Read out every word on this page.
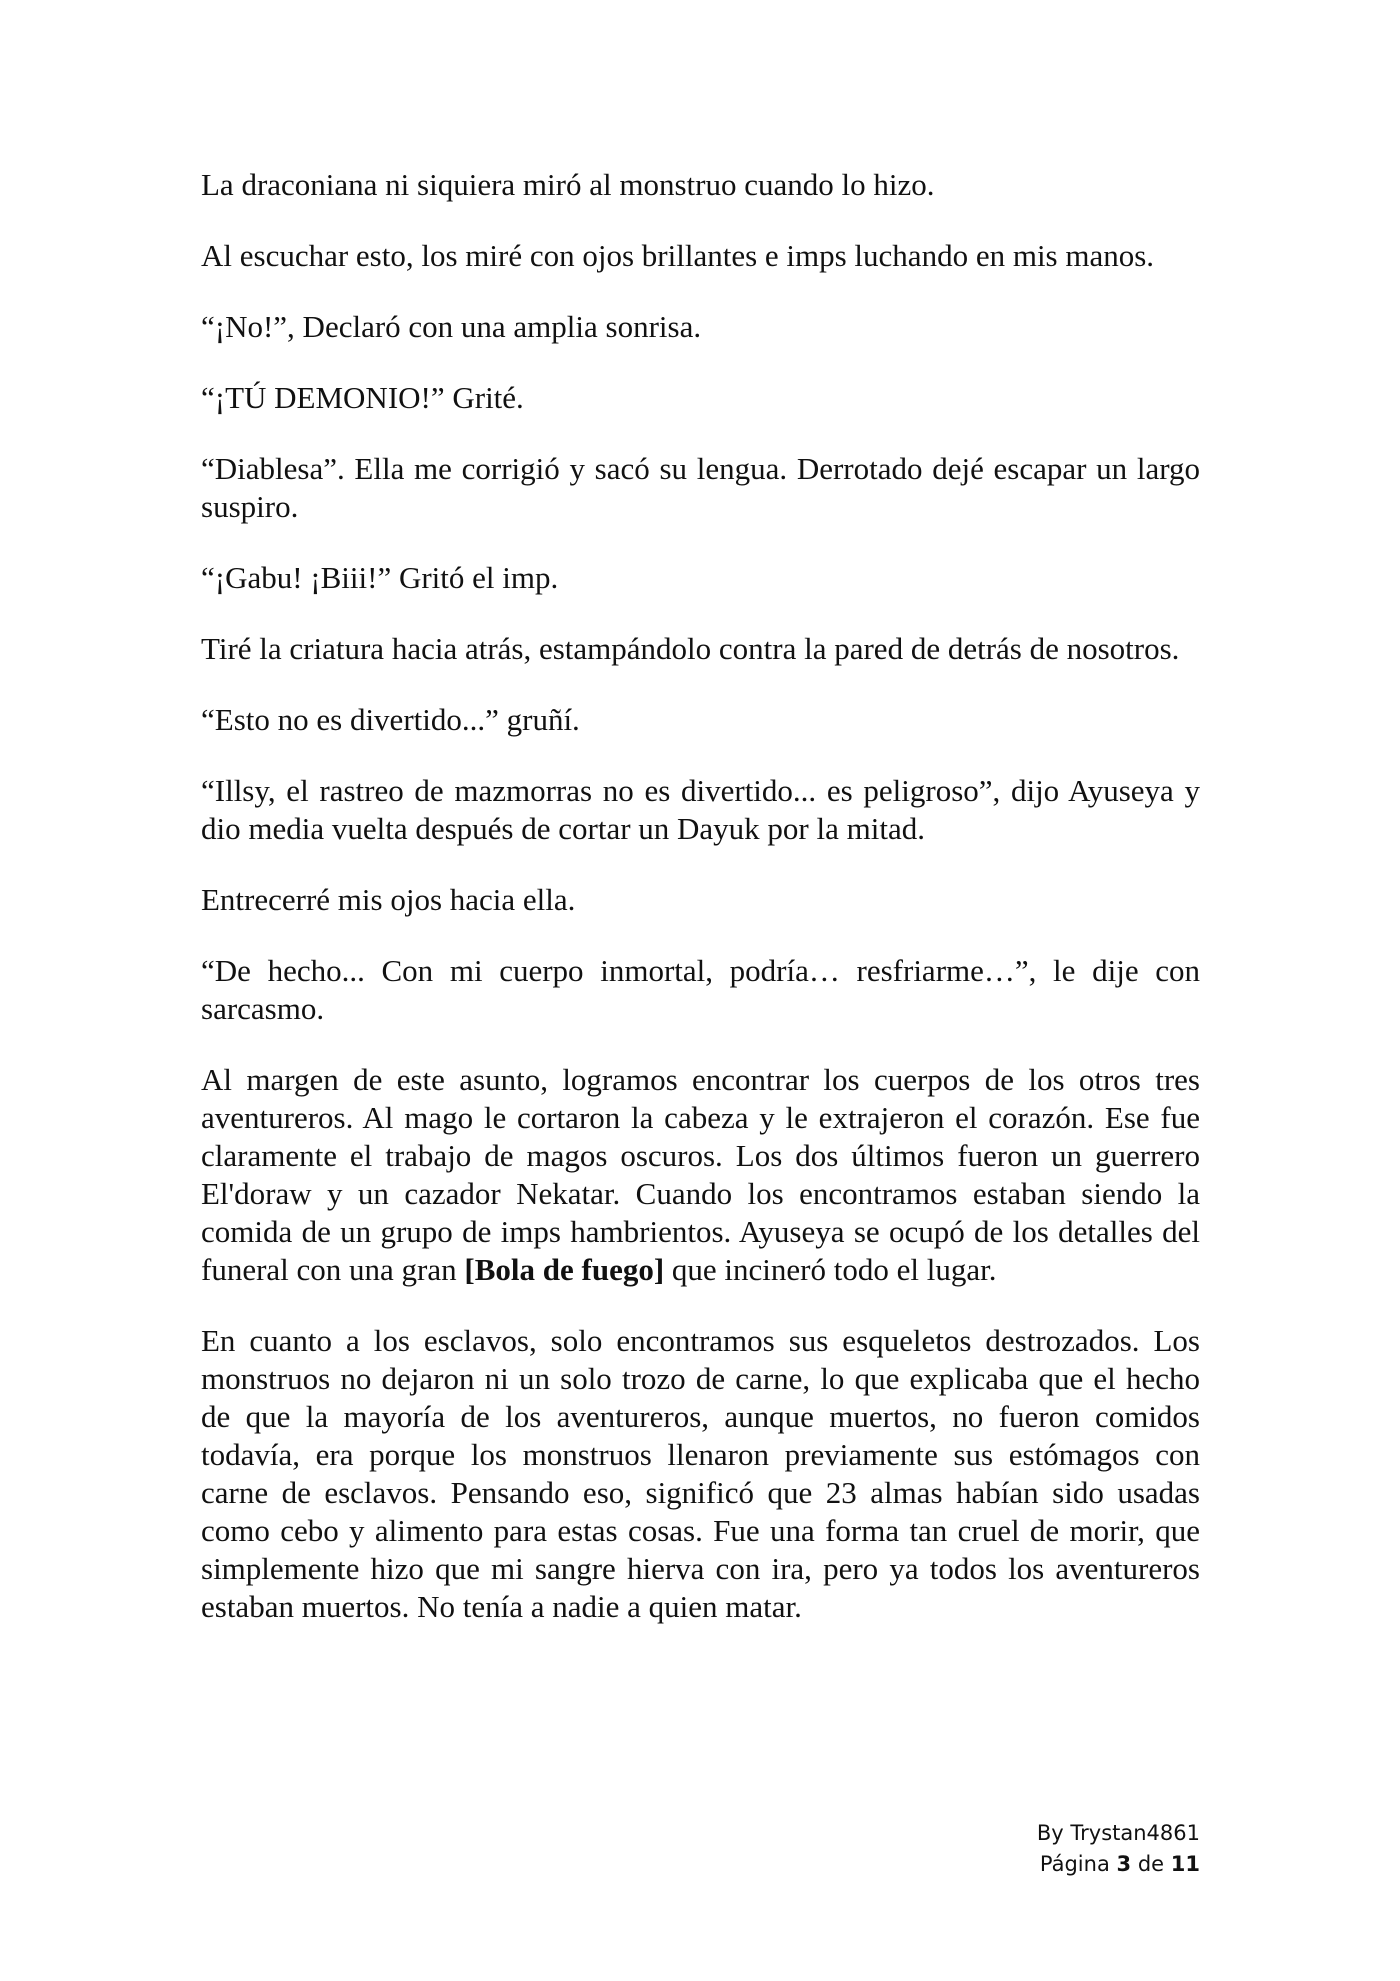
La draconiana ni siquiera miró al monstruo cuando lo hizo.

Al escuchar esto, los miré con ojos brillantes e imps luchando en mis manos.

“¡No!”, Declaró con una amplia sonrisa.

“¡TÚ DEMONIO!” Grité.

“Diablesa”. Ella me corrigió y sacó su lengua. Derrotado dejé escapar un largo suspiro.

“¡Gabu! ¡Biii!” Gritó el imp.

Tiré la criatura hacia atrás, estampándolo contra la pared de detrás de nosotros.

“Esto no es divertido...” gruñí.

“Illsy, el rastreo de mazmorras no es divertido... es peligroso”, dijo Ayuseya y dio media vuelta después de cortar un Dayuk por la mitad.

Entrecerré mis ojos hacia ella.

“De hecho... Con mi cuerpo inmortal, podría… resfriarme…”, le dije con sarcasmo.

Al margen de este asunto, logramos encontrar los cuerpos de los otros tres aventureros. Al mago le cortaron la cabeza y le extrajeron el corazón. Ese fue claramente el trabajo de magos oscuros. Los dos últimos fueron un guerrero El'doraw y un cazador Nekatar. Cuando los encontramos estaban siendo la comida de un grupo de imps hambrientos. Ayuseya se ocupó de los detalles del funeral con una gran [Bola de fuego] que incineró todo el lugar.

En cuanto a los esclavos, solo encontramos sus esqueletos destrozados. Los monstruos no dejaron ni un solo trozo de carne, lo que explicaba que el hecho de que la mayoría de los aventureros, aunque muertos, no fueron comidos todavía, era porque los monstruos llenaron previamente sus estómagos con carne de esclavos. Pensando eso, significó que 23 almas habían sido usadas como cebo y alimento para estas cosas. Fue una forma tan cruel de morir, que simplemente hizo que mi sangre hierva con ira, pero ya todos los aventureros estaban muertos. No tenía a nadie a quien matar.

By Trystan4861
Página 3 de 11
